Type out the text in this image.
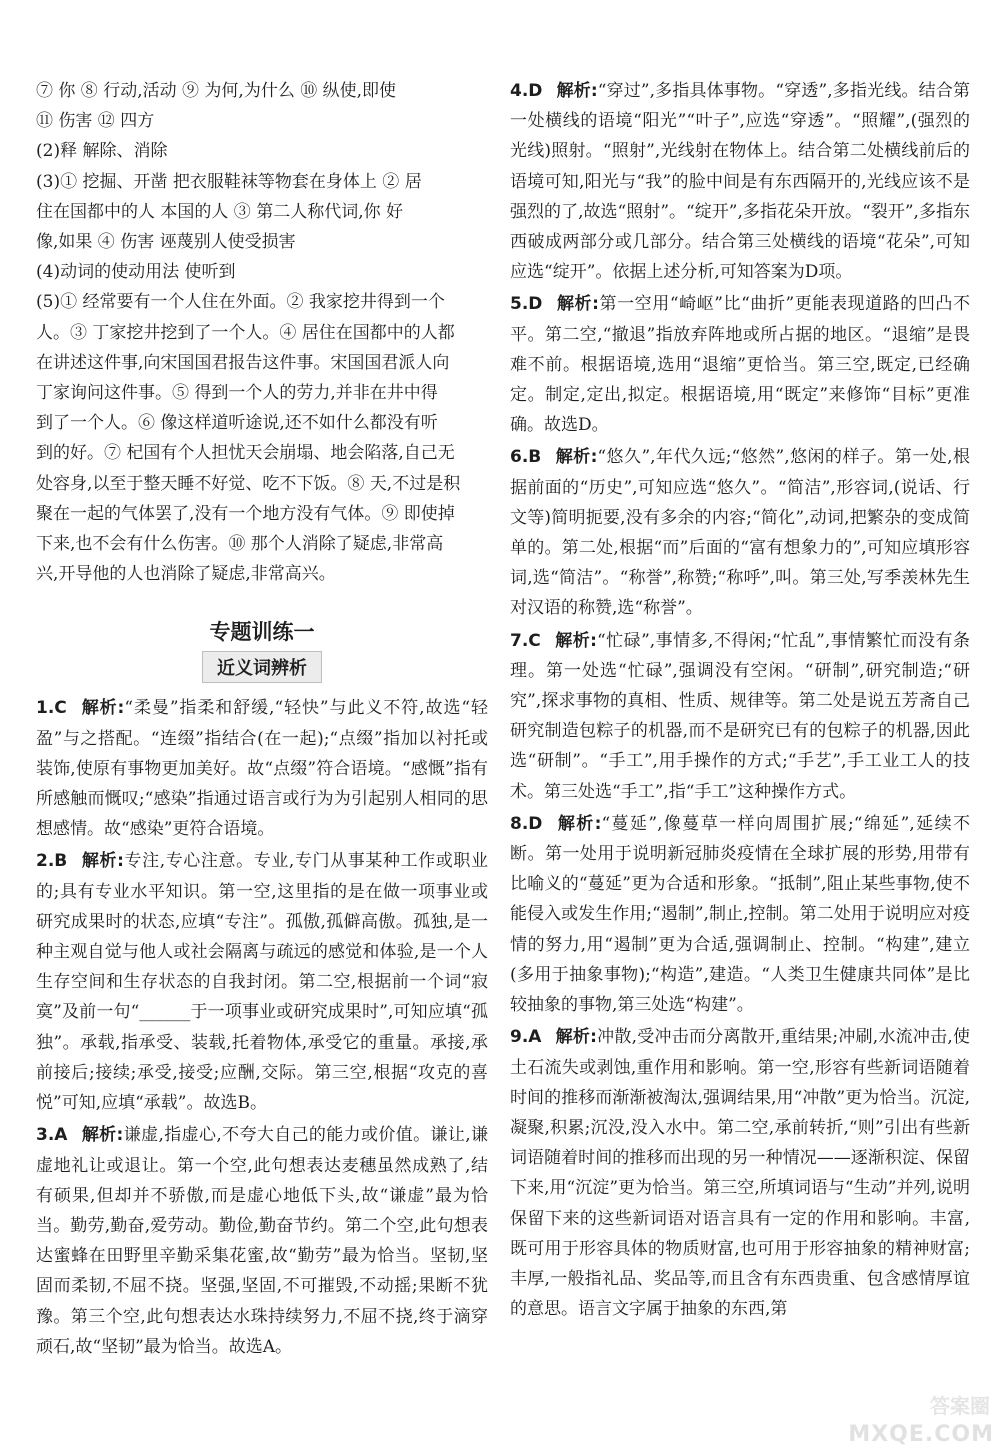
⑦ 你 ⑧ 行动,活动 ⑨ 为何,为什么 ⑩ 纵使,即使

⑪ 伤害 ⑫ 四方

(2)释 解除、消除

(3)① 挖掘、开凿 把衣服鞋袜等物套在身体上 ② 居

住在国都中的人 本国的人 ③ 第二人称代词,你 好

像,如果 ④ 伤害 诬蔑别人使受损害

(4)动词的使动用法 使听到

(5)① 经常要有一个人住在外面。② 我家挖井得到一个

人。③ 丁家挖井挖到了一个人。④ 居住在国都中的人都

在讲述这件事,向宋国国君报告这件事。宋国国君派人向

丁家询问这件事。⑤ 得到一个人的劳力,并非在井中得

到了一个人。⑥ 像这样道听途说,还不如什么都没有听

到的好。⑦ 杞国有个人担忧天会崩塌、地会陷落,自己无

处容身,以至于整天睡不好觉、吃不下饭。⑧ 天,不过是积

聚在一起的气体罢了,没有一个地方没有气体。⑨ 即使掉

下来,也不会有什么伤害。⑩ 那个人消除了疑虑,非常高

兴,开导他的人也消除了疑虑,非常高兴。

专题训练一
近义词辨析

1.C 解析:“柔曼”指柔和舒缓,“轻快”与此义不符,故选“轻盈”与之搭配。“连缀”指结合(在一起);“点缀”指加以衬托或装饰,使原有事物更加美好。故“点缀”符合语境。“感慨”指有所感触而慨叹;“感染”指通过语言或行为为引起别人相同的思想感情。故“感染”更符合语境。

2.B 解析:专注,专心注意。专业,专门从事某种工作或职业的;具有专业水平知识。第一空,这里指的是在做一项事业或研究成果时的状态,应填“专注”。孤傲,孤僻高傲。孤独,是一种主观自觉与他人或社会隔离与疏远的感觉和体验,是一个人生存空间和生存状态的自我封闭。第二空,根据前一个词“寂寞”及前一句“______于一项事业或研究成果时”,可知应填“孤独”。承载,指承受、装载,托着物体,承受它的重量。承接,承前接后;接续;承受,接受;应酬,交际。第三空,根据“攻克的喜悦”可知,应填“承载”。故选B。

3.A 解析:谦虚,指虚心,不夸大自己的能力或价值。谦让,谦虚地礼让或退让。第一个空,此句想表达麦穗虽然成熟了,结有硕果,但却并不骄傲,而是虚心地低下头,故“谦虚”最为恰当。勤劳,勤奋,爱劳动。勤俭,勤奋节约。第二个空,此句想表达蜜蜂在田野里辛勤采集花蜜,故“勤劳”最为恰当。坚韧,坚固而柔韧,不屈不挠。坚强,坚固,不可摧毁,不动摇;果断不犹豫。第三个空,此句想表达水珠持续努力,不屈不挠,终于滴穿顽石,故“坚韧”最为恰当。故选A。

4.D 解析:“穿过”,多指具体事物。“穿透”,多指光线。结合第一处横线的语境“阳光”“叶子”,应选“穿透”。“照耀”,(强烈的光线)照射。“照射”,光线射在物体上。结合第二处横线前后的语境可知,阳光与“我”的脸中间是有东西隔开的,光线应该不是强烈的了,故选“照射”。“绽开”,多指花朵开放。“裂开”,多指东西破成两部分或几部分。结合第三处横线的语境“花朵”,可知应选“绽开”。依据上述分析,可知答案为D项。

5.D 解析:第一空用“崎岖”比“曲折”更能表现道路的凹凸不平。第二空,“撤退”指放弃阵地或所占据的地区。“退缩”是畏难不前。根据语境,选用“退缩”更恰当。第三空,既定,已经确定。制定,定出,拟定。根据语境,用“既定”来修饰“目标”更准确。故选D。

6.B 解析:“悠久”,年代久远;“悠然”,悠闲的样子。第一处,根据前面的“历史”,可知应选“悠久”。“简洁”,形容词,(说话、行文等)简明扼要,没有多余的内容;“简化”,动词,把繁杂的变成简单的。第二处,根据“而”后面的“富有想象力的”,可知应填形容词,选“简洁”。“称誉”,称赞;“称呼”,叫。第三处,写季羡林先生对汉语的称赞,选“称誉”。

7.C 解析:“忙碌”,事情多,不得闲;“忙乱”,事情繁忙而没有条理。第一处选“忙碌”,强调没有空闲。“研制”,研究制造;“研究”,探求事物的真相、性质、规律等。第二处是说五芳斋自己研究制造包粽子的机器,而不是研究已有的包粽子的机器,因此选“研制”。“手工”,用手操作的方式;“手艺”,手工业工人的技术。第三处选“手工”,指“手工”这种操作方式。

8.D 解析:“蔓延”,像蔓草一样向周围扩展;“绵延”,延续不断。第一处用于说明新冠肺炎疫情在全球扩展的形势,用带有比喻义的“蔓延”更为合适和形象。“抵制”,阻止某些事物,使不能侵入或发生作用;“遏制”,制止,控制。第二处用于说明应对疫情的努力,用“遏制”更为合适,强调制止、控制。“构建”,建立(多用于抽象事物);“构造”,建造。“人类卫生健康共同体”是比较抽象的事物,第三处选“构建”。

9.A 解析:冲散,受冲击而分离散开,重结果;冲刷,水流冲击,使土石流失或剥蚀,重作用和影响。第一空,形容有些新词语随着时间的推移而渐渐被淘汰,强调结果,用“冲散”更为恰当。沉淀,凝聚,积累;沉没,没入水中。第二空,承前转折,“则”引出有些新词语随着时间的推移而出现的另一种情况——逐渐积淀、保留下来,用“沉淀”更为恰当。第三空,所填词语与“生动”并列,说明保留下来的这些新词语对语言具有一定的作用和影响。丰富,既可用于形容具体的物质财富,也可用于形容抽象的精神财富;丰厚,一般指礼品、奖品等,而且含有东西贵重、包含感情厚谊的意思。语言文字属于抽象的东西,第

答案圈
MXQE.COM
